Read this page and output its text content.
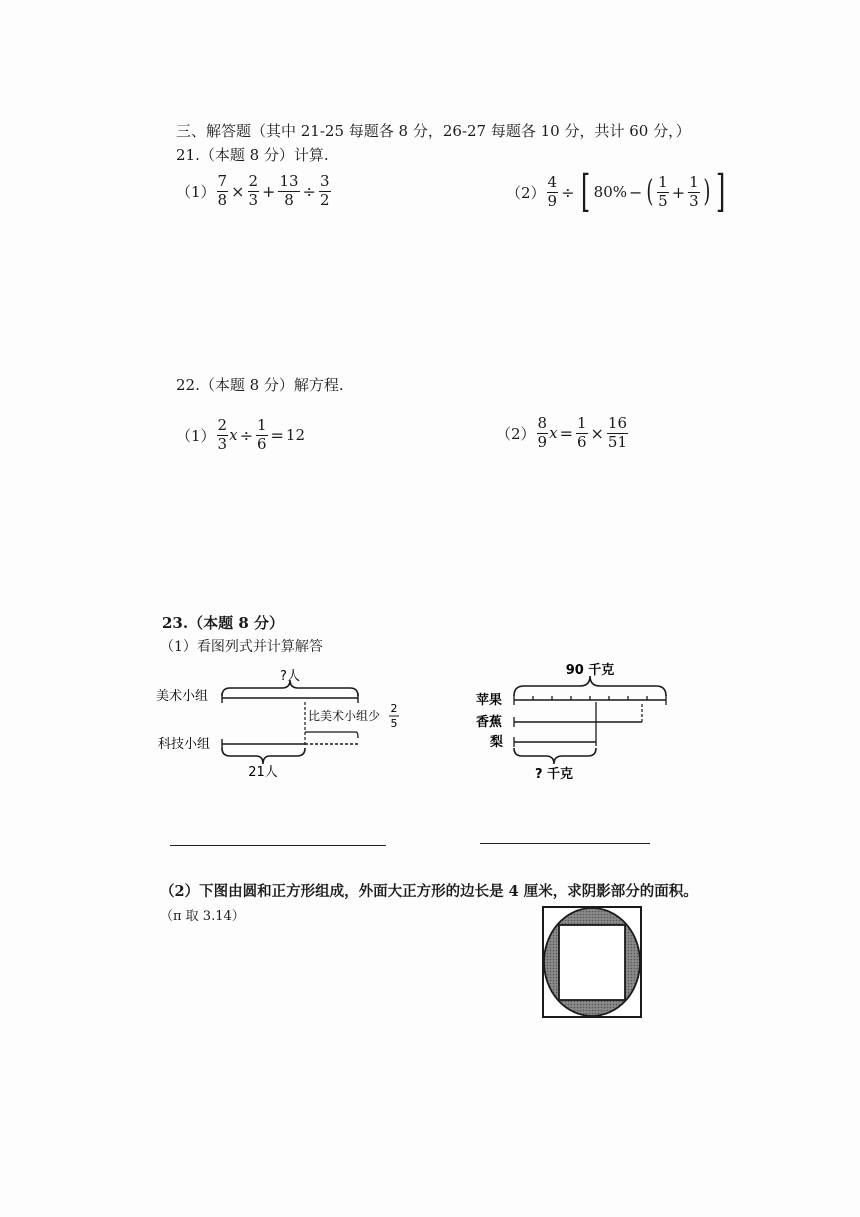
三、解答题（其中 21-25 每题各 8 分，26-27 每题各 10 分，共计 60 分，）
21.（本题 8 分）计算.
$(1) \frac{7}{8} \times \frac{2}{3} + \frac{13}{8} \div \frac{3}{2}$	$(2) \frac{4}{9}$ ÷ [ 80% − ( $\frac{1}{5} + \frac{1}{3}$ ) ]
22.（本题 8 分）解方程.
$(1) \frac{2}{3}$ $x \div \frac{1}{6} = 12$	$(2) \frac{8}{9}$ $x = \frac{1}{6} \times \frac{16}{51}$
23.（本题 8 分）
（1）看图列式并计算解答
?人
美术小组
比美术小组少
2
5
科技小组
21人
90 千克
苹果
香蕉
梨
? 千克
（2）下图由圆和正方形组成，外面大正方形的边长是 4 厘米，求阴影部分的面积。
（π 取 3.14）
